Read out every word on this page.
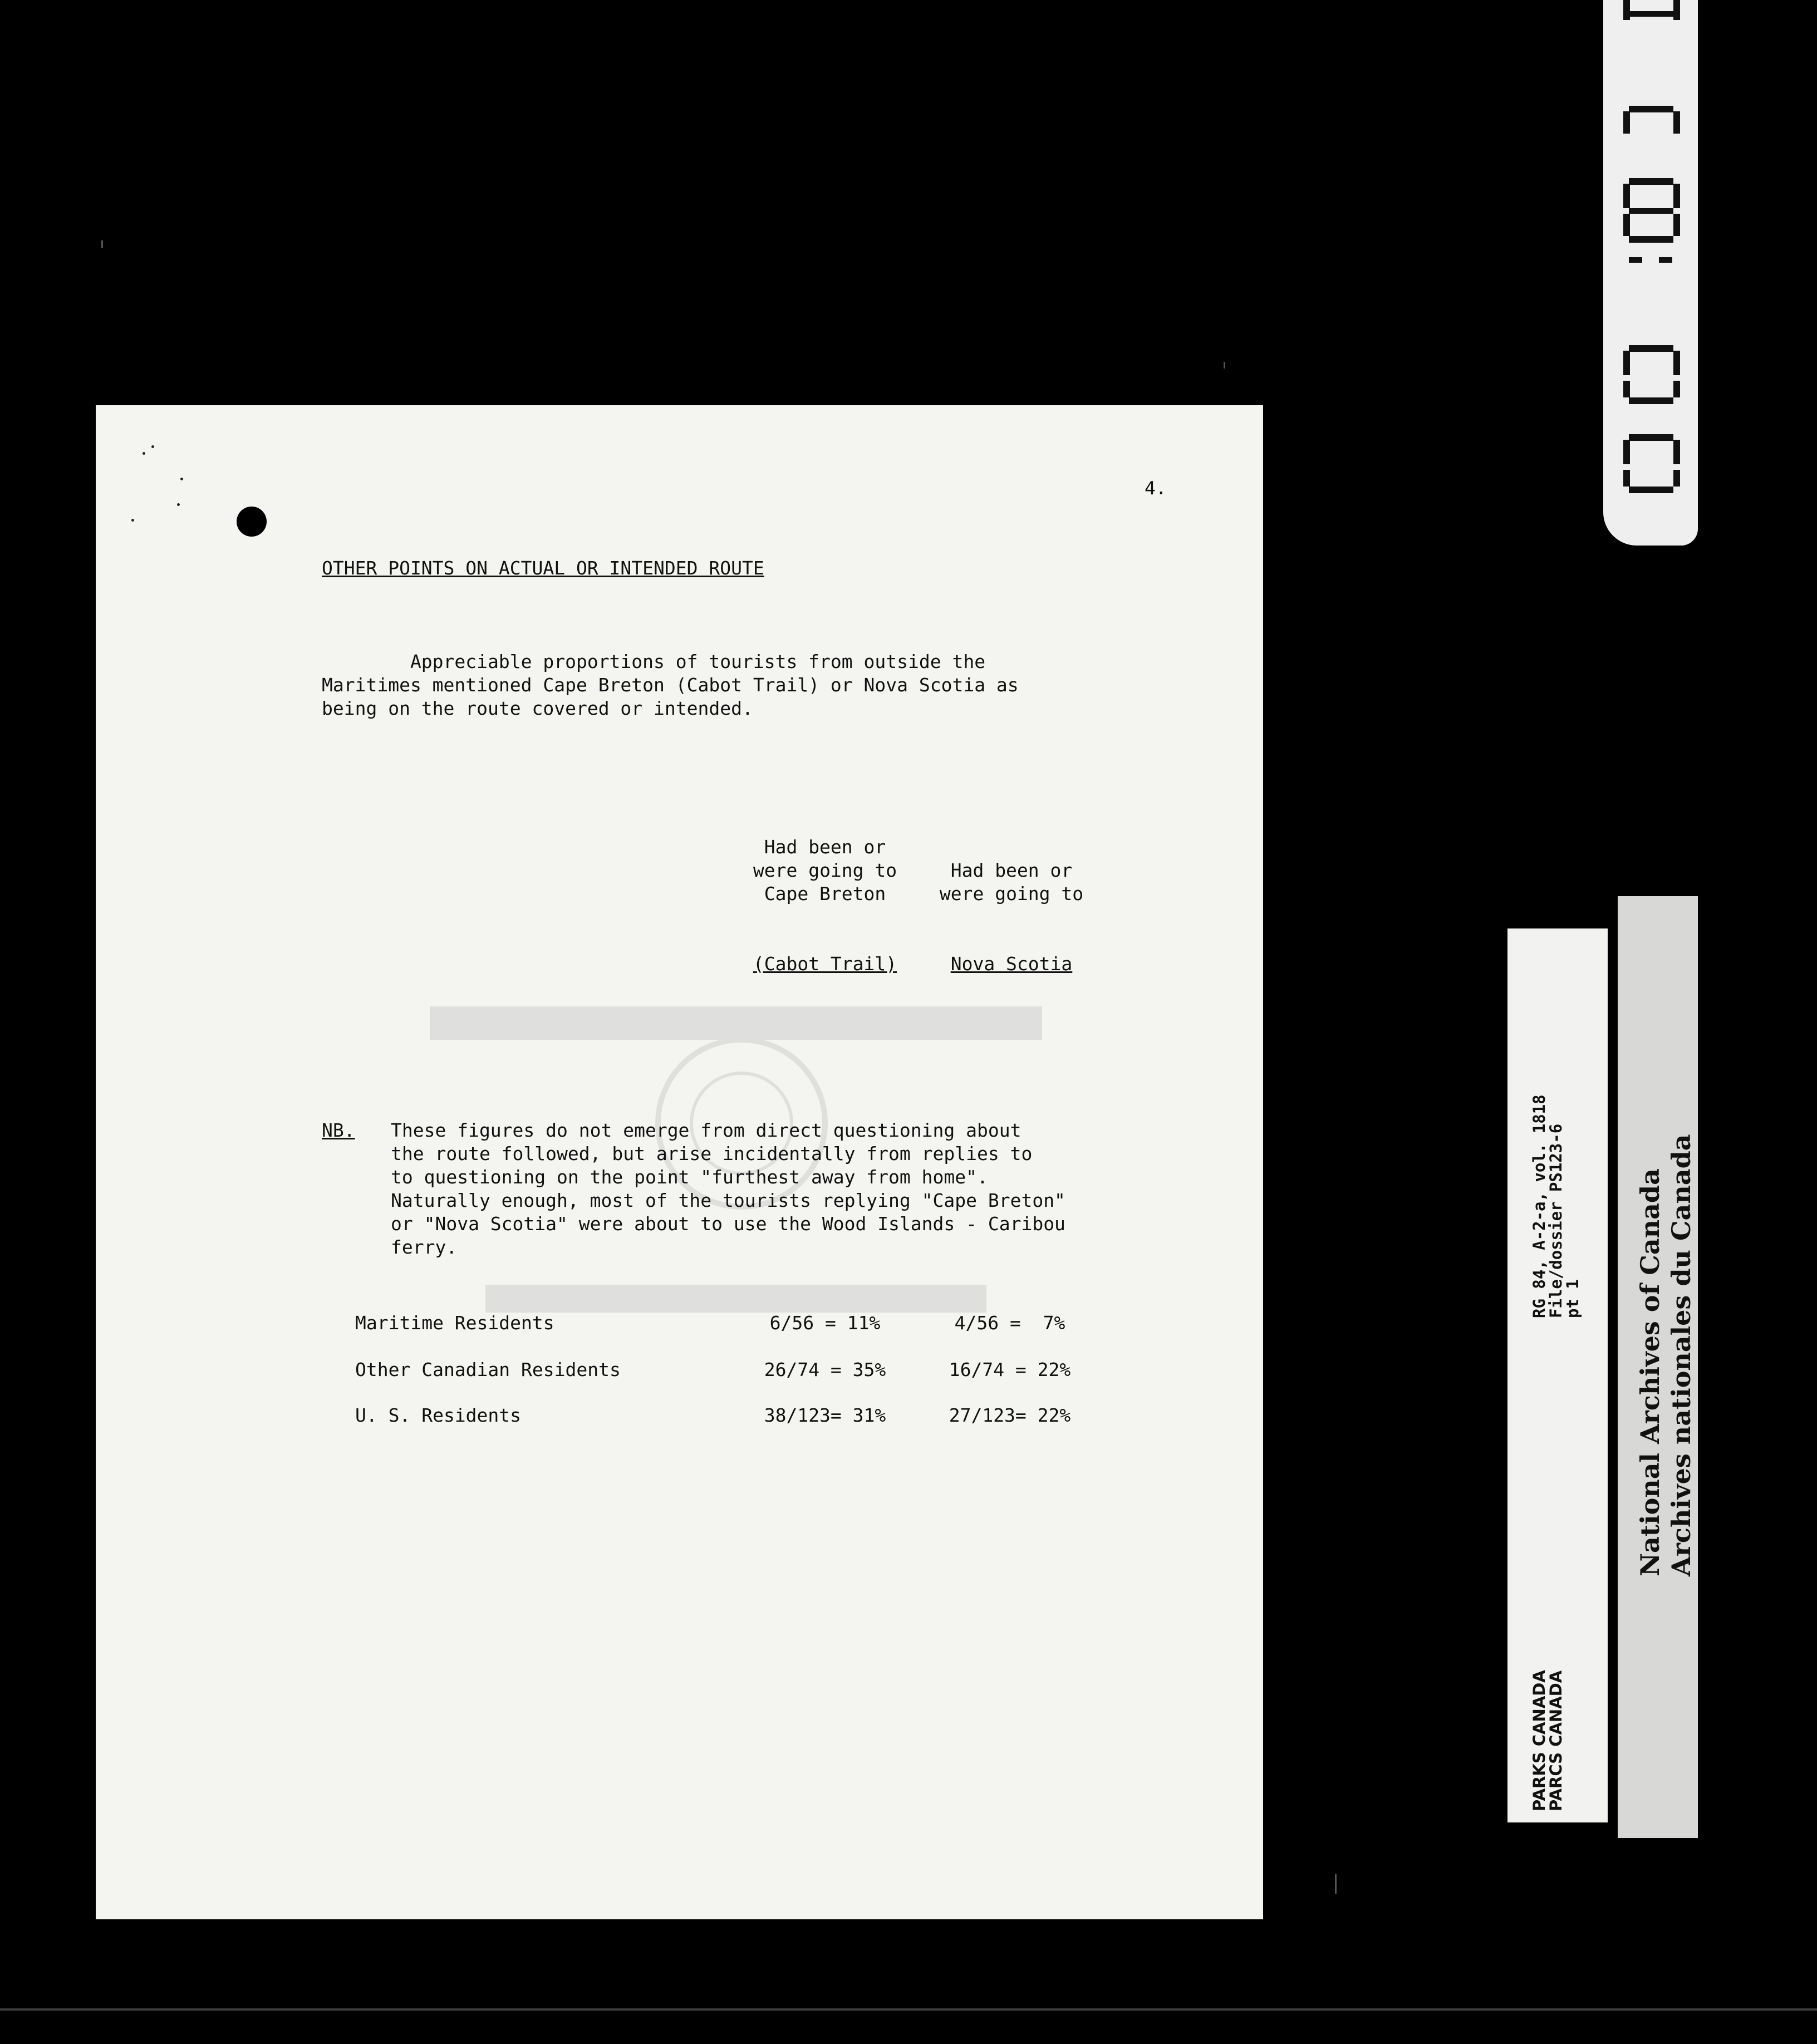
4.
OTHER POINTS ON ACTUAL OR INTENDED ROUTE
Appreciable proportions of tourists from outside the
Maritimes mentioned Cape Breton (Cabot Trail) or Nova Scotia as
being on the route covered or intended.

Had been or
were going to
Cape Breton

(Cabot Trail)

Had been or
were going to

Nova Scotia

Maritime Residents	6/56 = 11%	4/56 =  7%
Other Canadian Residents	26/74 = 35%	16/74 = 22%
U. S. Residents	38/123= 31%	27/123= 22%
NB. These figures do not emerge from direct questioning about
the route followed, but arise incidentally from replies to
to questioning on the point "furthest away from home".
Naturally enough, most of the tourists replying "Cape Breton"
or "Nova Scotia" were about to use the Wood Islands - Caribou
ferry.
RG 84, A-2-a, vol. 1818
File/dossier PS123-6
pt 1
PARKS CANADA
PARCS CANADA
National Archives of Canada
Archives nationales du Canada
